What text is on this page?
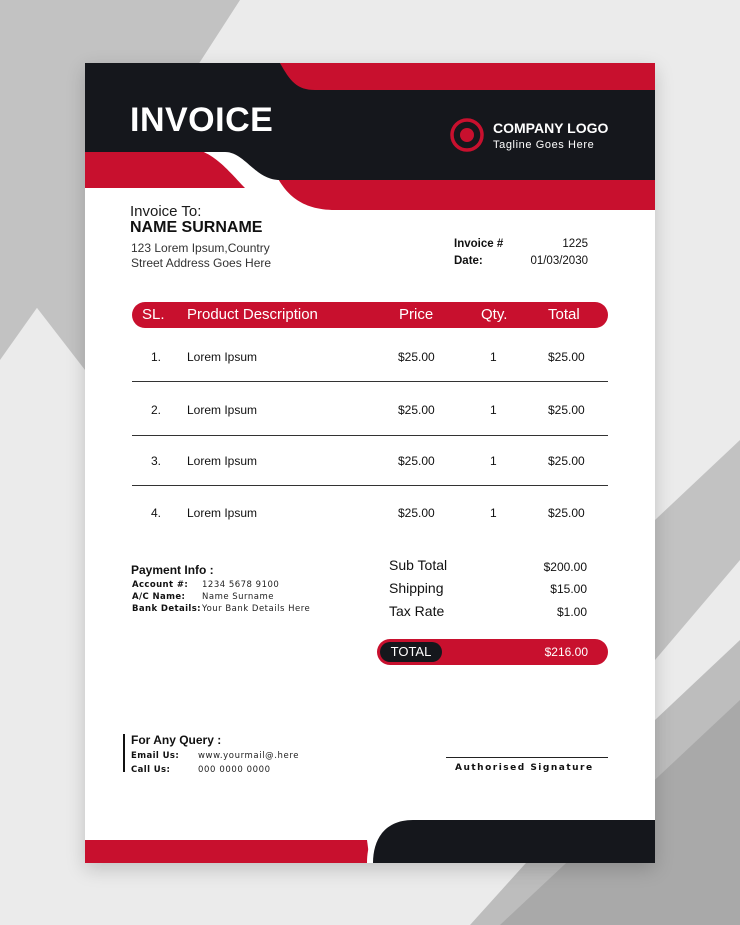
INVOICE	COMPANY LOGO
Tagline Goes Here
Invoice To:
NAME SURNAME
123 Lorem Ipsum,Country
Street Address Goes Here
Invoice #	1225
Date:	01/03/2030
SL. Product Description	Price	Qty.	Total
1. Lorem Ipsum	$25.00	1	$25.00
2. Lorem Ipsum	$25.00	1	$25.00
3. Lorem Ipsum	$25.00	1	$25.00
4. Lorem Ipsum	$25.00	1	$25.00
Payment Info :
Account #: 1234 5678 9100
A/C Name: Name Surname
Bank Details: Your Bank Details Here
Sub Total	$200.00
Shipping	$15.00
Tax Rate	$1.00
TOTAL	$216.00
For Any Query :
Email Us: www.yourmail@.here
Call Us:	000 0000 0000	Authorised Signature
